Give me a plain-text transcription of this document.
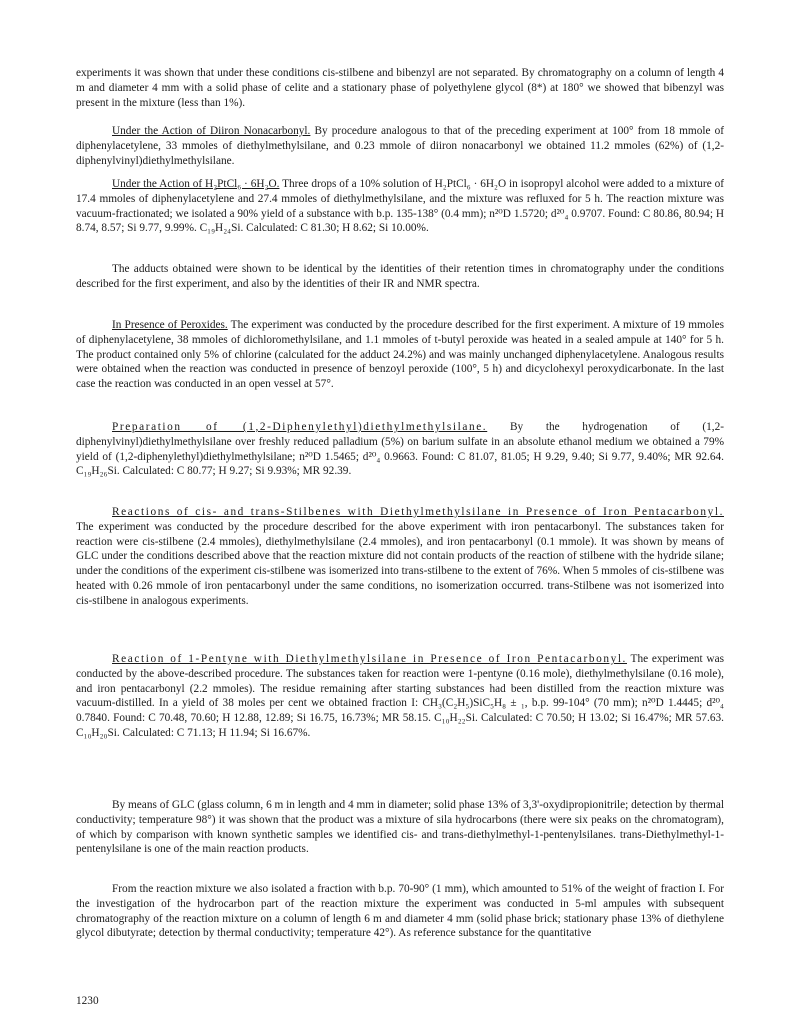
experiments it was shown that under these conditions cis-stilbene and bibenzyl are not separated. By chromatography on a column of length 4 m and diameter 4 mm with a solid phase of celite and a stationary phase of polyethylene glycol (8*) at 180° we showed that bibenzyl was present in the mixture (less than 1%).

Under the Action of Diiron Nonacarbonyl. By procedure analogous to that of the preceding experiment at 100° from 18 mmole of diphenylacetylene, 33 mmoles of diethylmethylsilane, and 0.23 mmole of diiron nonacarbonyl we obtained 11.2 mmoles (62%) of (1,2-diphenylvinyl)diethylmethylsilane.

Under the Action of H₂PtCl₆ · 6H₂O. Three drops of a 10% solution of H₂PtCl₆ · 6H₂O in isopropyl alcohol were added to a mixture of 17.4 mmoles of diphenylacetylene and 27.4 mmoles of diethylmethylsilane, and the mixture was refluxed for 5 h. The reaction mixture was vacuum-fractionated; we isolated a 90% yield of a substance with b.p. 135-138° (0.4 mm); n²⁰D 1.5720; d²⁰₄ 0.9707. Found: C 80.86, 80.94; H 8.74, 8.57; Si 9.77, 9.99%. C₁₉H₂₄Si. Calculated: C 81.30; H 8.62; Si 10.00%.

The adducts obtained were shown to be identical by the identities of their retention times in chromatography under the conditions described for the first experiment, and also by the identities of their IR and NMR spectra.

In Presence of Peroxides. The experiment was conducted by the procedure described for the first experiment. A mixture of 19 mmoles of diphenylacetylene, 38 mmoles of dichloromethylsilane, and 1.1 mmoles of t-butyl peroxide was heated in a sealed ampule at 140° for 5 h. The product contained only 5% of chlorine (calculated for the adduct 24.2%) and was mainly unchanged diphenylacetylene. Analogous results were obtained when the reaction was conducted in presence of benzoyl peroxide (100°, 5 h) and dicyclohexyl peroxydicarbonate. In the last case the reaction was conducted in an open vessel at 57°.

Preparation of (1,2-Diphenylethyl)diethylmethylsilane. By the hydrogenation of (1,2-diphenylvinyl)diethylmethylsilane over freshly reduced palladium (5%) on barium sulfate in an absolute ethanol medium we obtained a 79% yield of (1,2-diphenylethyl)diethylmethylsilane; n²⁰D 1.5465; d²⁰₄ 0.9663. Found: C 81.07, 81.05; H 9.29, 9.40; Si 9.77, 9.40%; MR 92.64. C₁₉H₂₆Si. Calculated: C 80.77; H 9.27; Si 9.93%; MR 92.39.

Reactions of cis- and trans-Stilbenes with Diethylmethylsilane in Presence of Iron Pentacarbonyl. The experiment was conducted by the procedure described for the above experiment with iron pentacarbonyl. The substances taken for reaction were cis-stilbene (2.4 mmoles), diethylmethylsilane (2.4 mmoles), and iron pentacarbonyl (0.1 mmole). It was shown by means of GLC under the conditions described above that the reaction mixture did not contain products of the reaction of stilbene with the hydride silane; under the conditions of the experiment cis-stilbene was isomerized into trans-stilbene to the extent of 76%. When 5 mmoles of cis-stilbene was heated with 0.26 mmole of iron pentacarbonyl under the same conditions, no isomerization occurred. trans-Stilbene was not isomerized into cis-stilbene in analogous experiments.

Reaction of 1-Pentyne with Diethylmethylsilane in Presence of Iron Pentacarbonyl. The experiment was conducted by the above-described procedure. The substances taken for reaction were 1-pentyne (0.16 mole), diethylmethylsilane (0.16 mole), and iron pentacarbonyl (2.2 mmoles). The residue remaining after starting substances had been distilled from the reaction mixture was vacuum-distilled. In a yield of 38 moles per cent we obtained fraction I: CH₃(C₂H₅)SiC₅H₈ ± ₁, b.p. 99-104° (70 mm); n²⁰D 1.4445; d²⁰₄ 0.7840. Found: C 70.48, 70.60; H 12.88, 12.89; Si 16.75, 16.73%; MR 58.15. C₁₀H₂₂Si. Calculated: C 70.50; H 13.02; Si 16.47%; MR 57.63. C₁₀H₂₀Si. Calculated: C 71.13; H 11.94; Si 16.67%.

By means of GLC (glass column, 6 m in length and 4 mm in diameter; solid phase 13% of 3,3'-oxydipropionitrile; detection by thermal conductivity; temperature 98°) it was shown that the product was a mixture of sila hydrocarbons (there were six peaks on the chromatogram), of which by comparison with known synthetic samples we identified cis- and trans-diethylmethyl-1-pentenylsilanes. trans-Diethylmethyl-1-pentenylsilane is one of the main reaction products.

From the reaction mixture we also isolated a fraction with b.p. 70-90° (1 mm), which amounted to 51% of the weight of fraction I. For the investigation of the hydrocarbon part of the reaction mixture the experiment was conducted in 5-ml ampules with subsequent chromatography of the reaction mixture on a column of length 6 m and diameter 4 mm (solid phase brick; stationary phase 13% of diethylene glycol dibutyrate; detection by thermal conductivity; temperature 42°). As reference substance for the quantitative

1230
